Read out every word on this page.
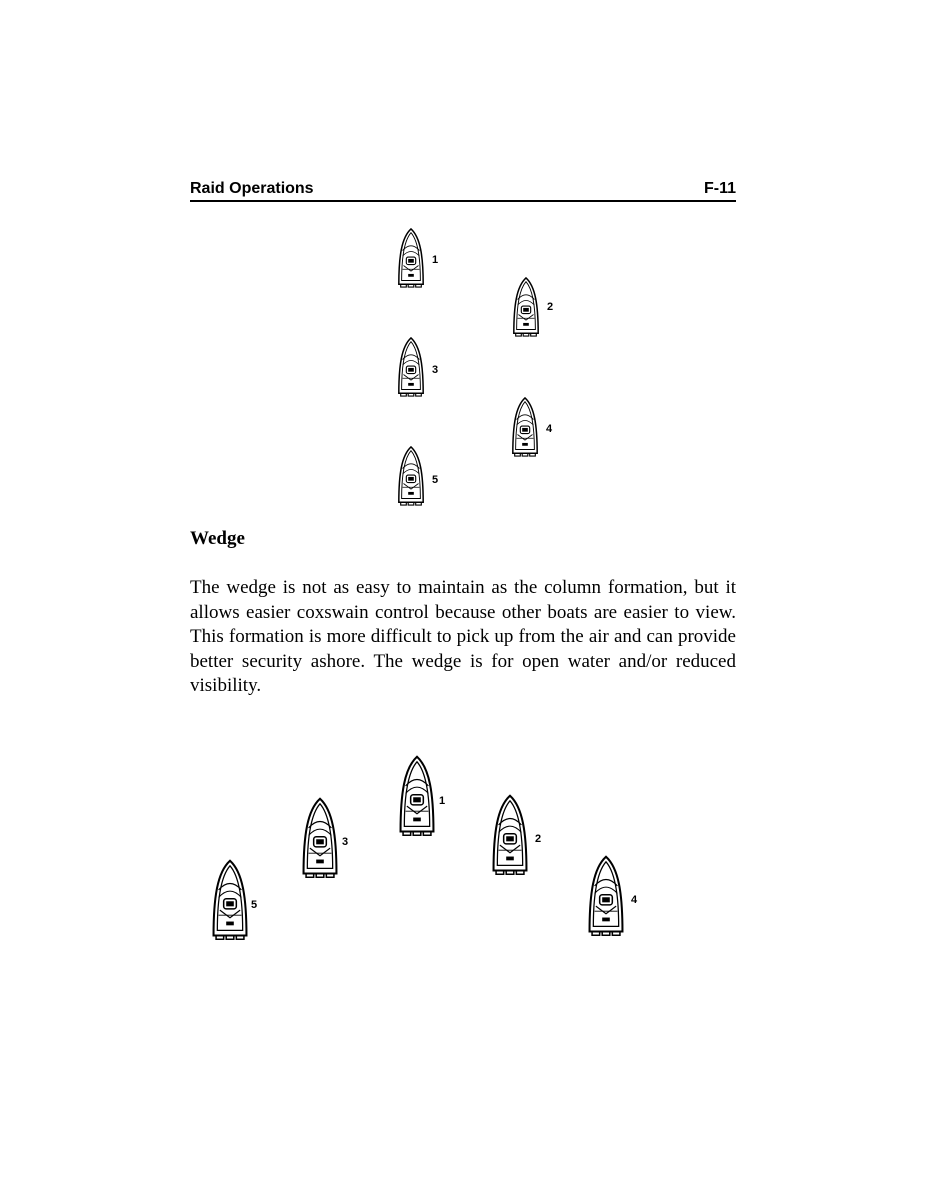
Raid Operations	F-11
1
2
3
4
5
Wedge
The wedge is not as easy to maintain as the column formation, but it allows easier coxswain control because other boats are easier to view. This formation is more difficult to pick up from the air and can provide better security ashore. The wedge is for open water and/or reduced visibility.
1
2
3
4
5
